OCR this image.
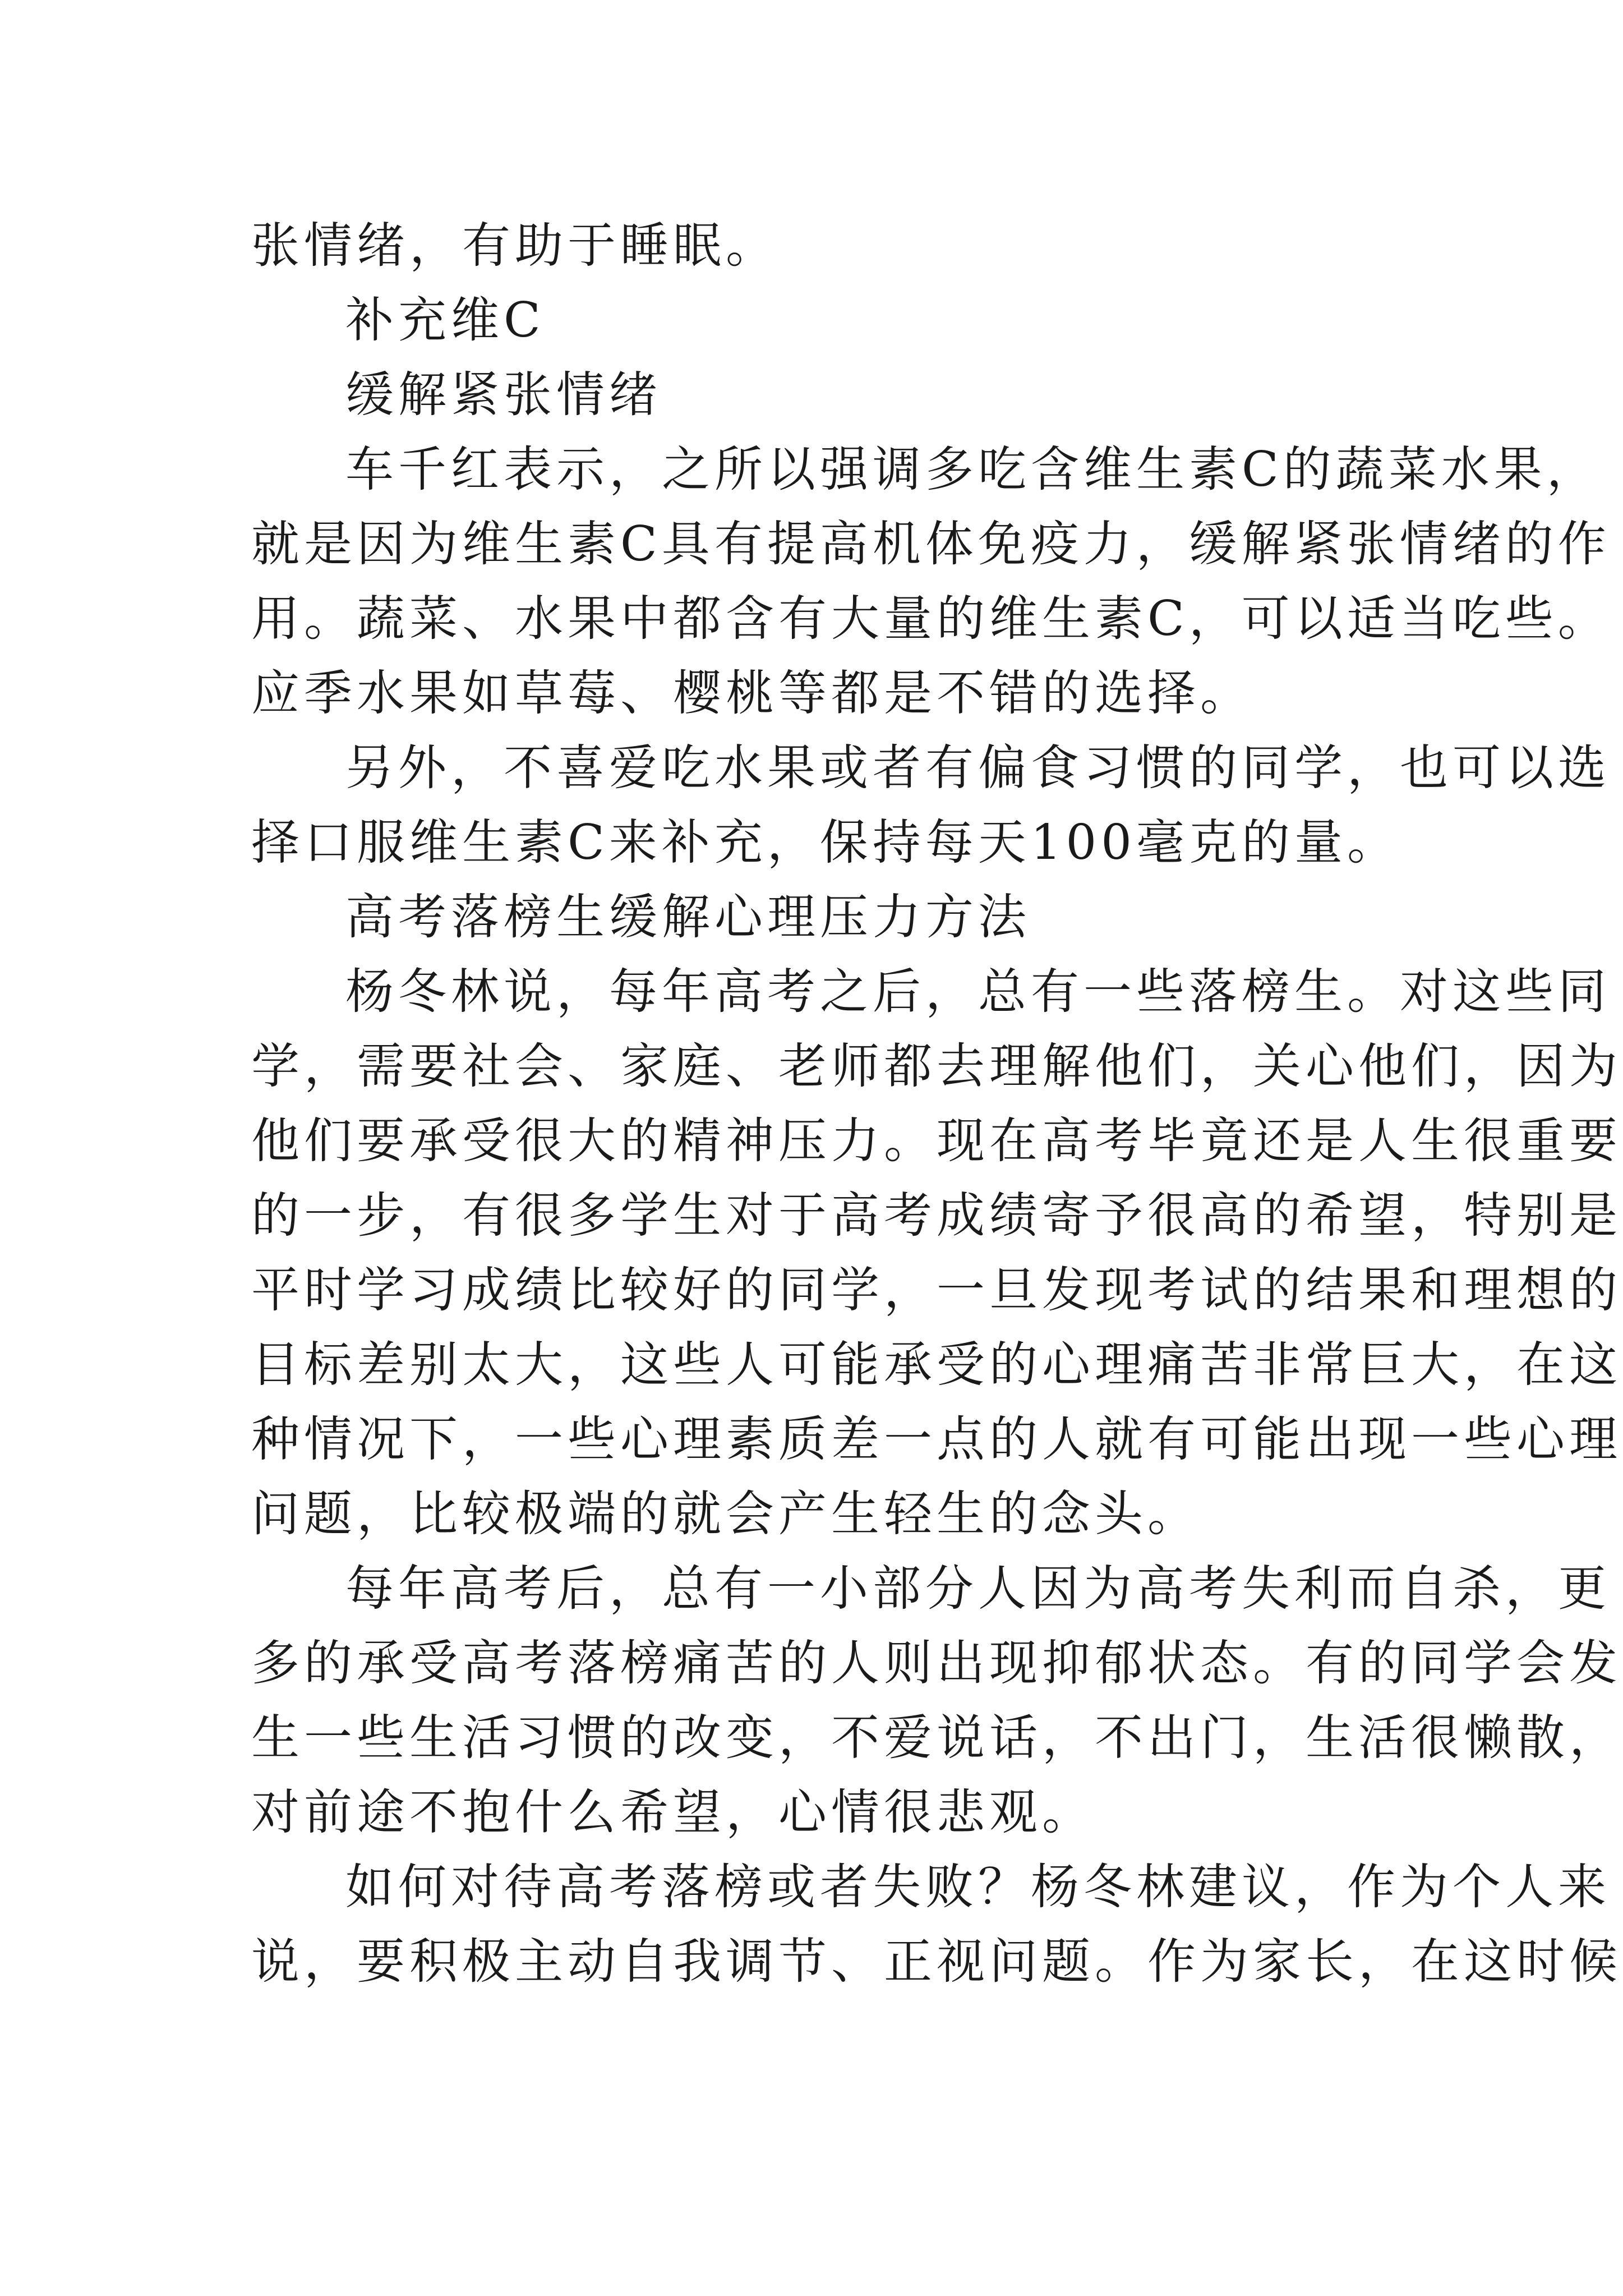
张情绪，有助于睡眠。
补充维C
缓解紧张情绪
车千红表示，之所以强调多吃含维生素C的蔬菜水果，
就是因为维生素C具有提高机体免疫力，缓解紧张情绪的作
用。蔬菜、水果中都含有大量的维生素C，可以适当吃些。
应季水果如草莓、樱桃等都是不错的选择。
另外，不喜爱吃水果或者有偏食习惯的同学，也可以选
择口服维生素C来补充，保持每天100毫克的量。
高考落榜生缓解心理压力方法
杨冬林说，每年高考之后，总有一些落榜生。对这些同
学，需要社会、家庭、老师都去理解他们，关心他们，因为
他们要承受很大的精神压力。现在高考毕竟还是人生很重要
的一步，有很多学生对于高考成绩寄予很高的希望，特别是
平时学习成绩比较好的同学，一旦发现考试的结果和理想的
目标差别太大，这些人可能承受的心理痛苦非常巨大，在这
种情况下，一些心理素质差一点的人就有可能出现一些心理
问题，比较极端的就会产生轻生的念头。
每年高考后，总有一小部分人因为高考失利而自杀，更
多的承受高考落榜痛苦的人则出现抑郁状态。有的同学会发
生一些生活习惯的改变，不爱说话，不出门，生活很懒散，
对前途不抱什么希望，心情很悲观。
如何对待高考落榜或者失败？杨冬林建议，作为个人来
说，要积极主动自我调节、正视问题。作为家长，在这时候
